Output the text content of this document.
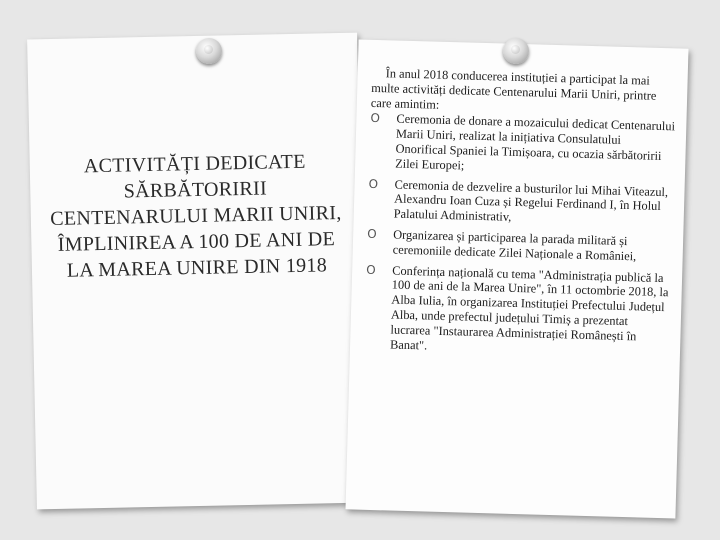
ACTIVITĂȚI DEDICATE SĂRBĂTORIRII CENTENARULUI MARII UNIRI, ÎMPLINIREA A 100 DE ANI DE LA MAREA UNIRE DIN 1918

În anul 2018 conducerea instituției a participat la mai multe activități dedicate Centenarului Marii Uniri, printre care amintim:

O Ceremonia de donare a mozaicului dedicat Centenarului Marii Uniri, realizat la inițiativa Consulatului Onorifical Spaniei la Timișoara, cu ocazia sărbătoririi Zilei Europei;
O Ceremonia de dezvelire a busturilor lui Mihai Viteazul, Alexandru Ioan Cuza și Regelui Ferdinand I, în Holul Palatului Administrativ,
O Organizarea și participarea la parada militară și ceremoniile dedicate Zilei Naționale a României,
O Conferința națională cu tema "Administrația publică la 100 de ani de la Marea Unire", în 11 octombrie 2018, la Alba Iulia, în organizarea Instituției Prefectului Județul Alba, unde prefectul județului Timiș a prezentat lucrarea "Instaurarea Administrației Românești în Banat".
